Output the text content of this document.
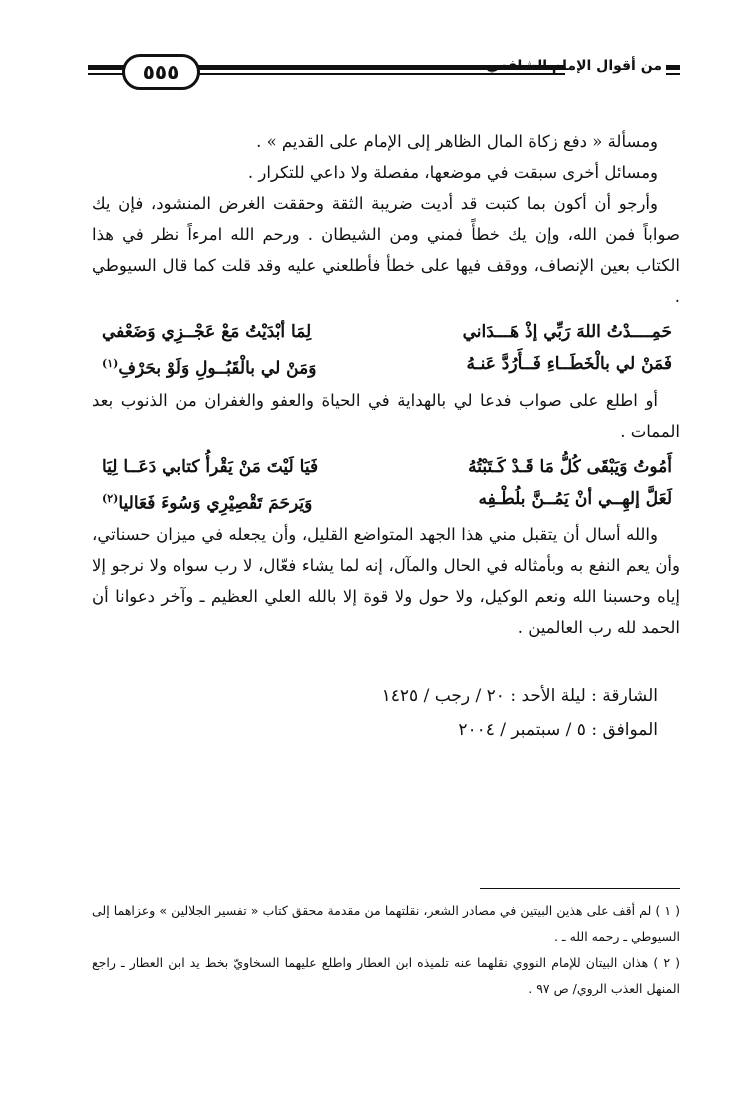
٥٥٥	من أقوال الإمام الشافعي

ومسألة « دفع زكاة المال الظاهر إلى الإمام على القديم » .

ومسائل أخرى سبقت في موضعها، مفصلة ولا داعي للتكرار .

وأرجو أن أكون بما كتبت قد أديت ضريبة الثقة وحققت الغرض المنشود، فإن يك صواباً فمن الله، وإن يك خطأً فمني ومن الشيطان . ورحم الله امرءاً نظر في هذا الكتاب بعين الإنصاف، ووقف فيها على خطأ فأطلعني عليه وقد قلت كما قال السيوطي .

حَمِــــدْتُ اللهَ رَبِّي إذْ هَـــدَاني
لِمَا أبْدَيْتُ مَعْ عَجْــزِي وَضَعْفي
فَمَنْ لي بالْخَطَــاءِ فَــأَرُدَّ عَنـهُ
وَمَنْ لي بالْقَبُــولِ وَلَوْ بحَرْفِ$^{(١)}$

أو اطلع على صواب فدعا لي بالهداية في الحياة والعفو والغفران من الذنوب بعد الممات .

أَمُوتُ وَيَبْقَى كُلُّ مَا قَـدْ كَـتَبْتُهُ
فَيَا لَيْتَ مَنْ يَقْرأُ كتابي دَعَــا لِيَا
لَعَلَّ إلهِــي أنْ يَمُــنَّ بلُطْـفِه
وَيَرحَمَ تَقْصِيْرِي وَسُوءَ فَعَاليا$^{(٢)}$

والله أسال أن يتقبل مني هذا الجهد المتواضع القليل، وأن يجعله في ميزان حسناتي، وأن يعم النفع به وبأمثاله في الحال والمآل، إنه لما يشاء فعّال، لا رب سواه ولا نرجو إلا إياه وحسبنا الله ونعم الوكيل، ولا حول ولا قوة إلا بالله العلي العظيم ـ وآخر دعوانا أن الحمد لله رب العالمين .

الشارقة : ليلة الأحد : ٢٠ / رجب / ١٤٢٥
الموافق : ٥ / سبتمبر / ٢٠٠٤

( ١ ) لم أقف على هذين البيتين في مصادر الشعر، نقلتهما من مقدمة محقق كتاب « تفسير الجلالين » وعزاهما إلى السيوطي ـ رحمه الله ـ .

( ٢ ) هذان البيتان للإمام النووي نقلهما عنه تلميذه ابن العطار واطلع عليهما السخاويّ بخط يد ابن العطار ـ راجع المنهل العذب الروي/ ص ٩٧ .
